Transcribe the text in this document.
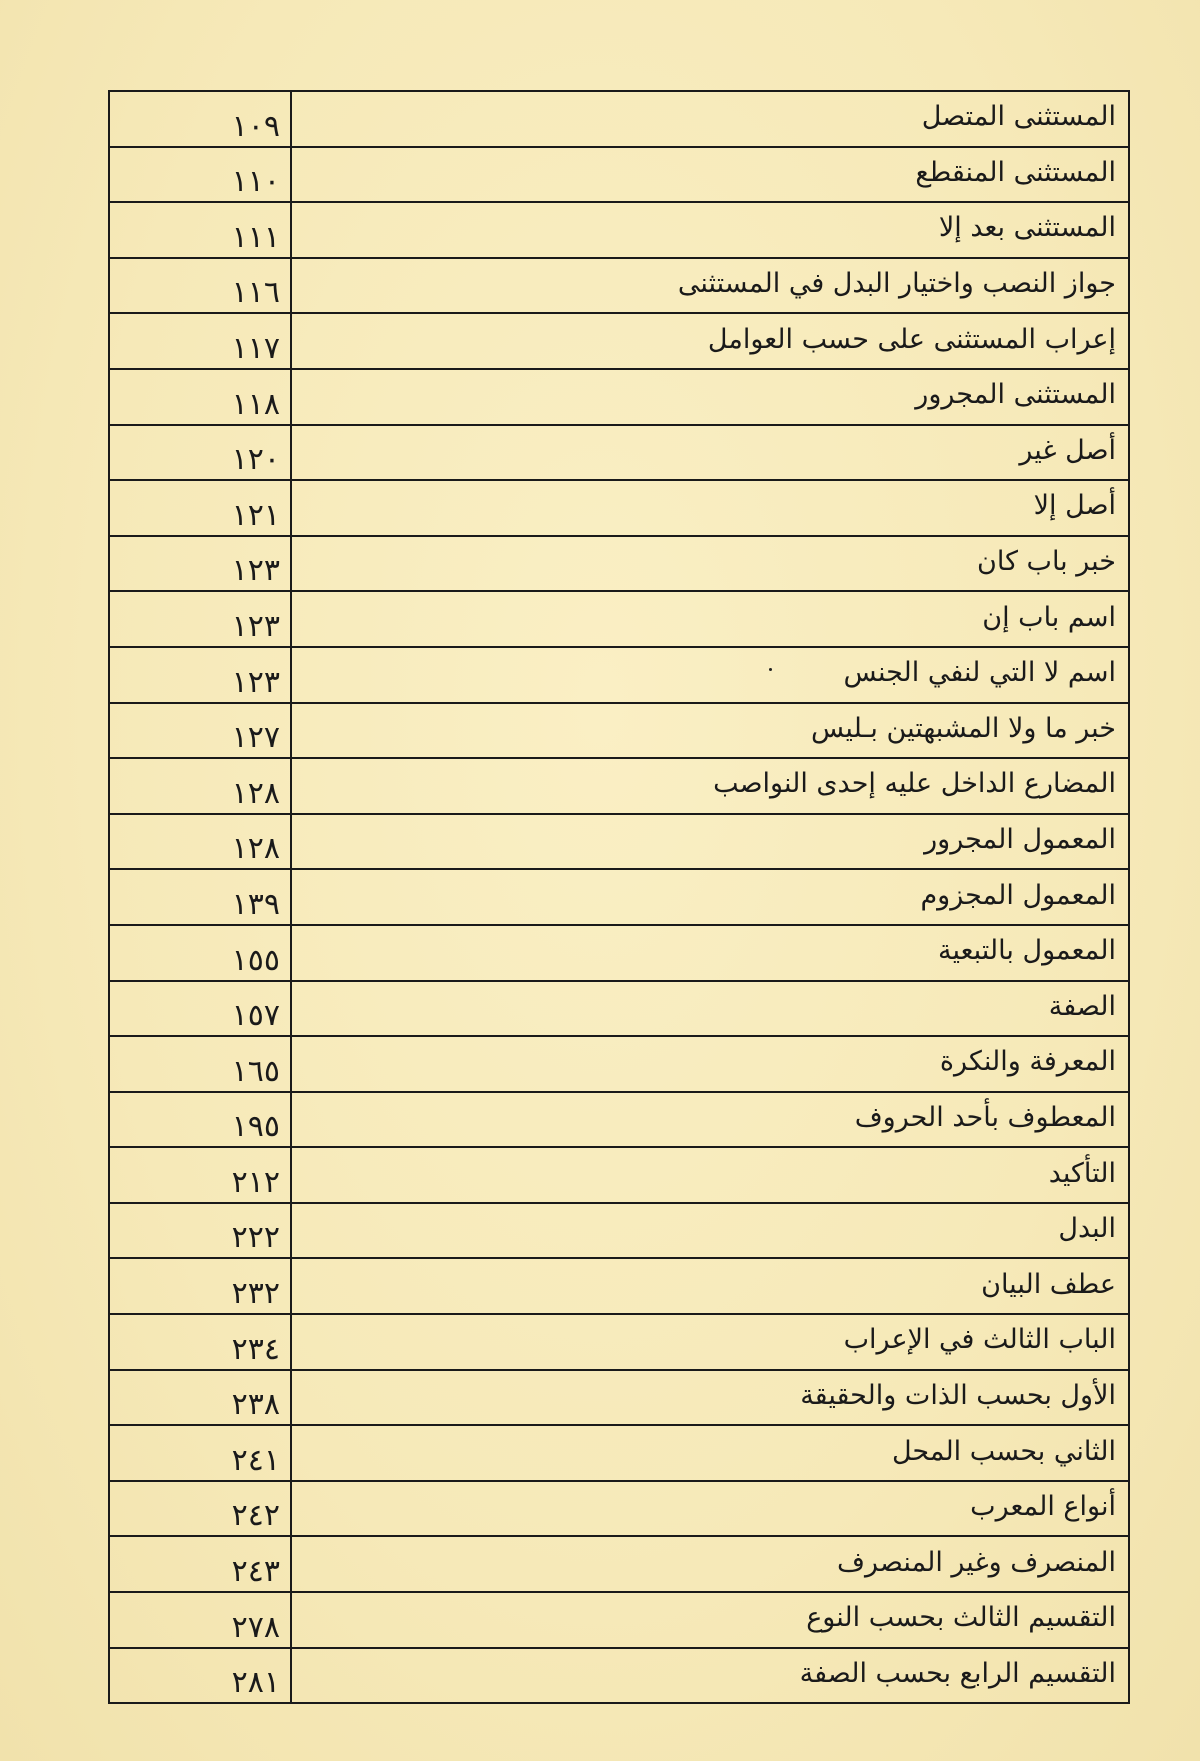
١٠٩	المستثنى المتصل
١١٠	المستثنى المنقطع
١١١	المستثنى بعد إلا
١١٦	جواز النصب واختيار البدل في المستثنى
١١٧	إعراب المستثنى على حسب العوامل
١١٨	المستثنى المجرور
١٢٠	أصل غير
١٢١	أصل إلا
١٢٣	خبر باب كان
١٢٣	اسم باب إن
١٢٣	اسم لا التي لنفي الجنس
١٢٧	خبر ما ولا المشبهتين بـليس
١٢٨	المضارع الداخل عليه إحدى النواصب
١٢٨	المعمول المجرور
١٣٩	المعمول المجزوم
١٥٥	المعمول بالتبعية
١٥٧	الصفة
١٦٥	المعرفة والنكرة
١٩٥	المعطوف بأحد الحروف
٢١٢	التأكيد
٢٢٢	البدل
٢٣٢	عطف البيان
٢٣٤	الباب الثالث في الإعراب
٢٣٨	الأول بحسب الذات والحقيقة
٢٤١	الثاني بحسب المحل
٢٤٢	أنواع المعرب
٢٤٣	المنصرف وغير المنصرف
٢٧٨	التقسيم الثالث بحسب النوع
٢٨١	التقسيم الرابع بحسب الصفة
